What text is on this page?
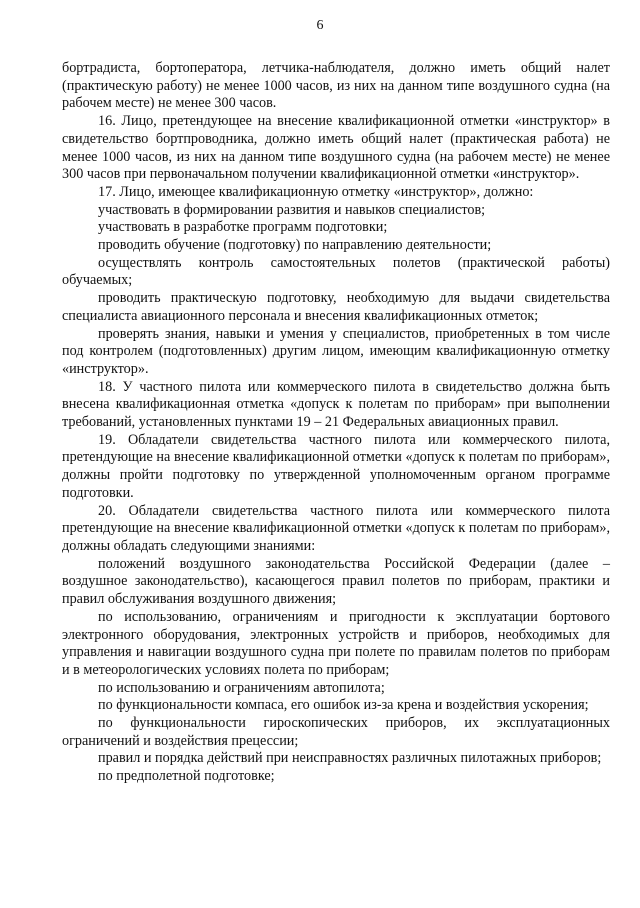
6

бортрадиста, бортоператора, летчика-наблюдателя, должно иметь общий налет (практическую работу) не менее 1000 часов, из них на данном типе воздушного судна (на рабочем месте) не менее 300 часов.

16. Лицо, претендующее на внесение квалификационной отметки «инструктор» в свидетельство бортпроводника, должно иметь общий налет (практическая работа) не менее 1000 часов, из них на данном типе воздушного судна (на рабочем месте) не менее 300 часов при первоначальном получении квалификационной отметки «инструктор».

17. Лицо, имеющее квалификационную отметку «инструктор», должно:

участвовать в формировании развития и навыков специалистов;

участвовать в разработке программ подготовки;

проводить обучение (подготовку) по направлению деятельности;

осуществлять контроль самостоятельных полетов (практической работы) обучаемых;

проводить практическую подготовку, необходимую для выдачи свидетельства специалиста авиационного персонала и внесения квалификационных отметок;

проверять знания, навыки и умения у специалистов, приобретенных в том числе под контролем (подготовленных) другим лицом, имеющим квалификационную отметку «инструктор».

18. У частного пилота или коммерческого пилота в свидетельство должна быть внесена квалификационная отметка «допуск к полетам по приборам» при выполнении требований, установленных пунктами 19 – 21 Федеральных авиационных правил.

19. Обладатели свидетельства частного пилота или коммерческого пилота, претендующие на внесение квалификационной отметки «допуск к полетам по приборам», должны пройти подготовку по утвержденной уполномоченным органом программе подготовки.

20. Обладатели свидетельства частного пилота или коммерческого пилота претендующие на внесение квалификационной отметки «допуск к полетам по приборам», должны обладать следующими знаниями:

положений воздушного законодательства Российской Федерации (далее – воздушное законодательство), касающегося правил полетов по приборам, практики и правил обслуживания воздушного движения;

по использованию, ограничениям и пригодности к эксплуатации бортового электронного оборудования, электронных устройств и приборов, необходимых для управления и навигации воздушного судна при полете по правилам полетов по приборам и в метеорологических условиях полета по приборам;

по использованию и ограничениям автопилота;

по функциональности компаса, его ошибок из-за крена и воздействия ускорения;

по функциональности гироскопических приборов, их эксплуатационных ограничений и воздействия прецессии;

правил и порядка действий при неисправностях различных пилотажных приборов;

по предполетной подготовке;
